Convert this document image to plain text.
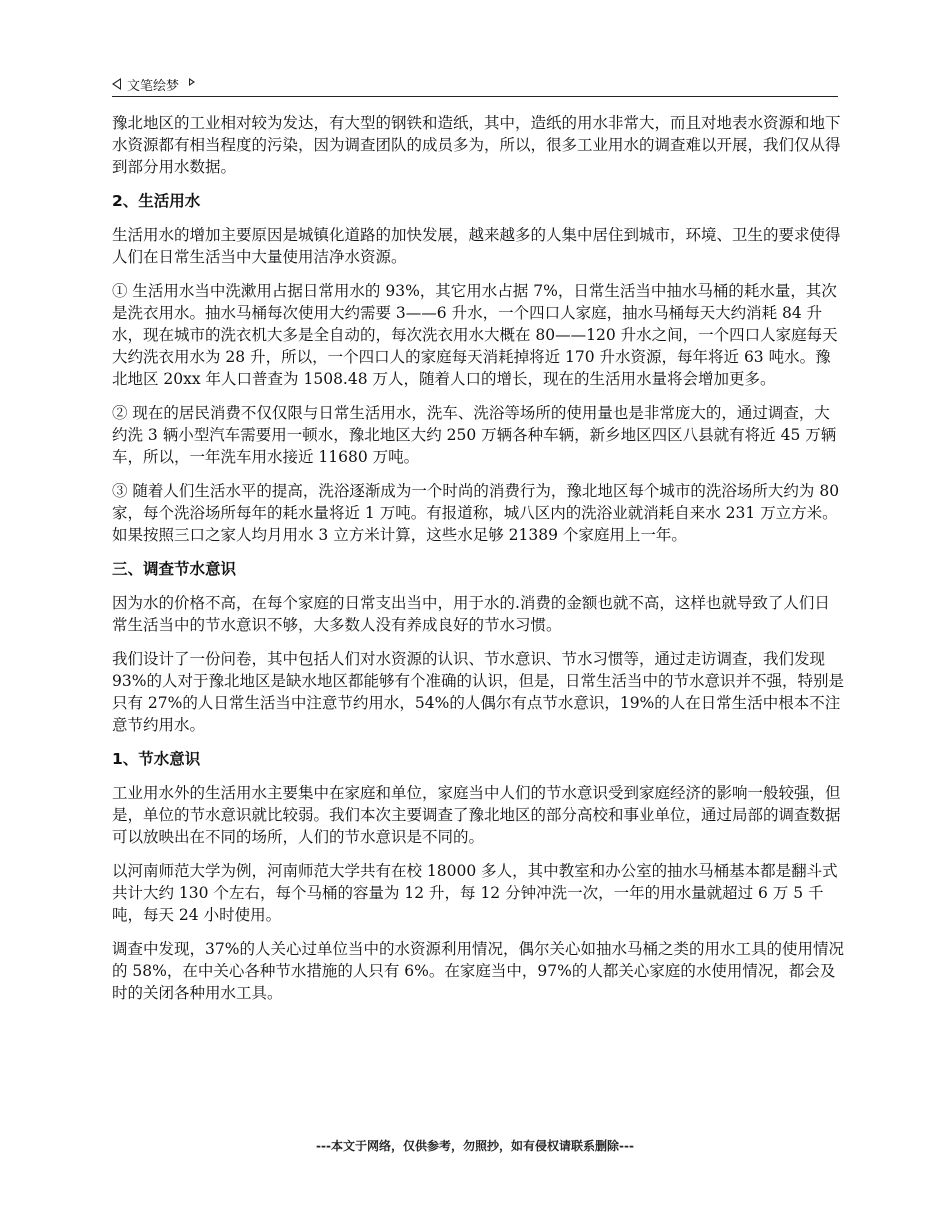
文笔绘梦

豫北地区的工业相对较为发达，有大型的钢铁和造纸，其中，造纸的用水非常大，而且对地表水资源和地下水资源都有相当程度的污染，因为调查团队的成员多为，所以，很多工业用水的调查难以开展，我们仅从得到部分用水数据。

2、生活用水

生活用水的增加主要原因是城镇化道路的加快发展，越来越多的人集中居住到城市，环境、卫生的要求使得人们在日常生活当中大量使用洁净水资源。

① 生活用水当中洗漱用占据日常用水的 93%，其它用水占据 7%，日常生活当中抽水马桶的耗水量，其次是洗衣用水。抽水马桶每次使用大约需要 3——6 升水，一个四口人家庭，抽水马桶每天大约消耗 84 升水，现在城市的洗衣机大多是全自动的，每次洗衣用水大概在 80——120 升水之间，一个四口人家庭每天大约洗衣用水为 28 升，所以，一个四口人的家庭每天消耗掉将近 170 升水资源，每年将近 63 吨水。豫北地区 20xx 年人口普查为 1508.48 万人，随着人口的增长，现在的生活用水量将会增加更多。

② 现在的居民消费不仅仅限与日常生活用水，洗车、洗浴等场所的使用量也是非常庞大的，通过调查，大约洗 3 辆小型汽车需要用一顿水，豫北地区大约 250 万辆各种车辆，新乡地区四区八县就有将近 45 万辆车，所以，一年洗车用水接近 11680 万吨。

③ 随着人们生活水平的提高，洗浴逐渐成为一个时尚的消费行为，豫北地区每个城市的洗浴场所大约为 80 家，每个洗浴场所每年的耗水量将近 1 万吨。有报道称，城八区内的洗浴业就消耗自来水 231 万立方米。如果按照三口之家人均月用水 3 立方米计算，这些水足够 21389 个家庭用上一年。

三、调查节水意识

因为水的价格不高，在每个家庭的日常支出当中，用于水的.消费的金额也就不高，这样也就导致了人们日常生活当中的节水意识不够，大多数人没有养成良好的节水习惯。

我们设计了一份问卷，其中包括人们对水资源的认识、节水意识、节水习惯等，通过走访调查，我们发现 93%的人对于豫北地区是缺水地区都能够有个准确的认识，但是，日常生活当中的节水意识并不强，特别是只有 27%的人日常生活当中注意节约用水，54%的人偶尔有点节水意识，19%的人在日常生活中根本不注意节约用水。

1、节水意识

工业用水外的生活用水主要集中在家庭和单位，家庭当中人们的节水意识受到家庭经济的影响一般较强，但是，单位的节水意识就比较弱。我们本次主要调查了豫北地区的部分高校和事业单位，通过局部的调查数据可以放映出在不同的场所，人们的节水意识是不同的。

以河南师范大学为例，河南师范大学共有在校 18000 多人，其中教室和办公室的抽水马桶基本都是翻斗式共计大约 130 个左右，每个马桶的容量为 12 升，每 12 分钟冲洗一次，一年的用水量就超过 6 万 5 千吨，每天 24 小时使用。

调查中发现，37%的人关心过单位当中的水资源利用情况，偶尔关心如抽水马桶之类的用水工具的使用情况的 58%，在中关心各种节水措施的人只有 6%。在家庭当中，97%的人都关心家庭的水使用情况，都会及时的关闭各种用水工具。

---本文于网络，仅供参考，勿照抄，如有侵权请联系删除---
